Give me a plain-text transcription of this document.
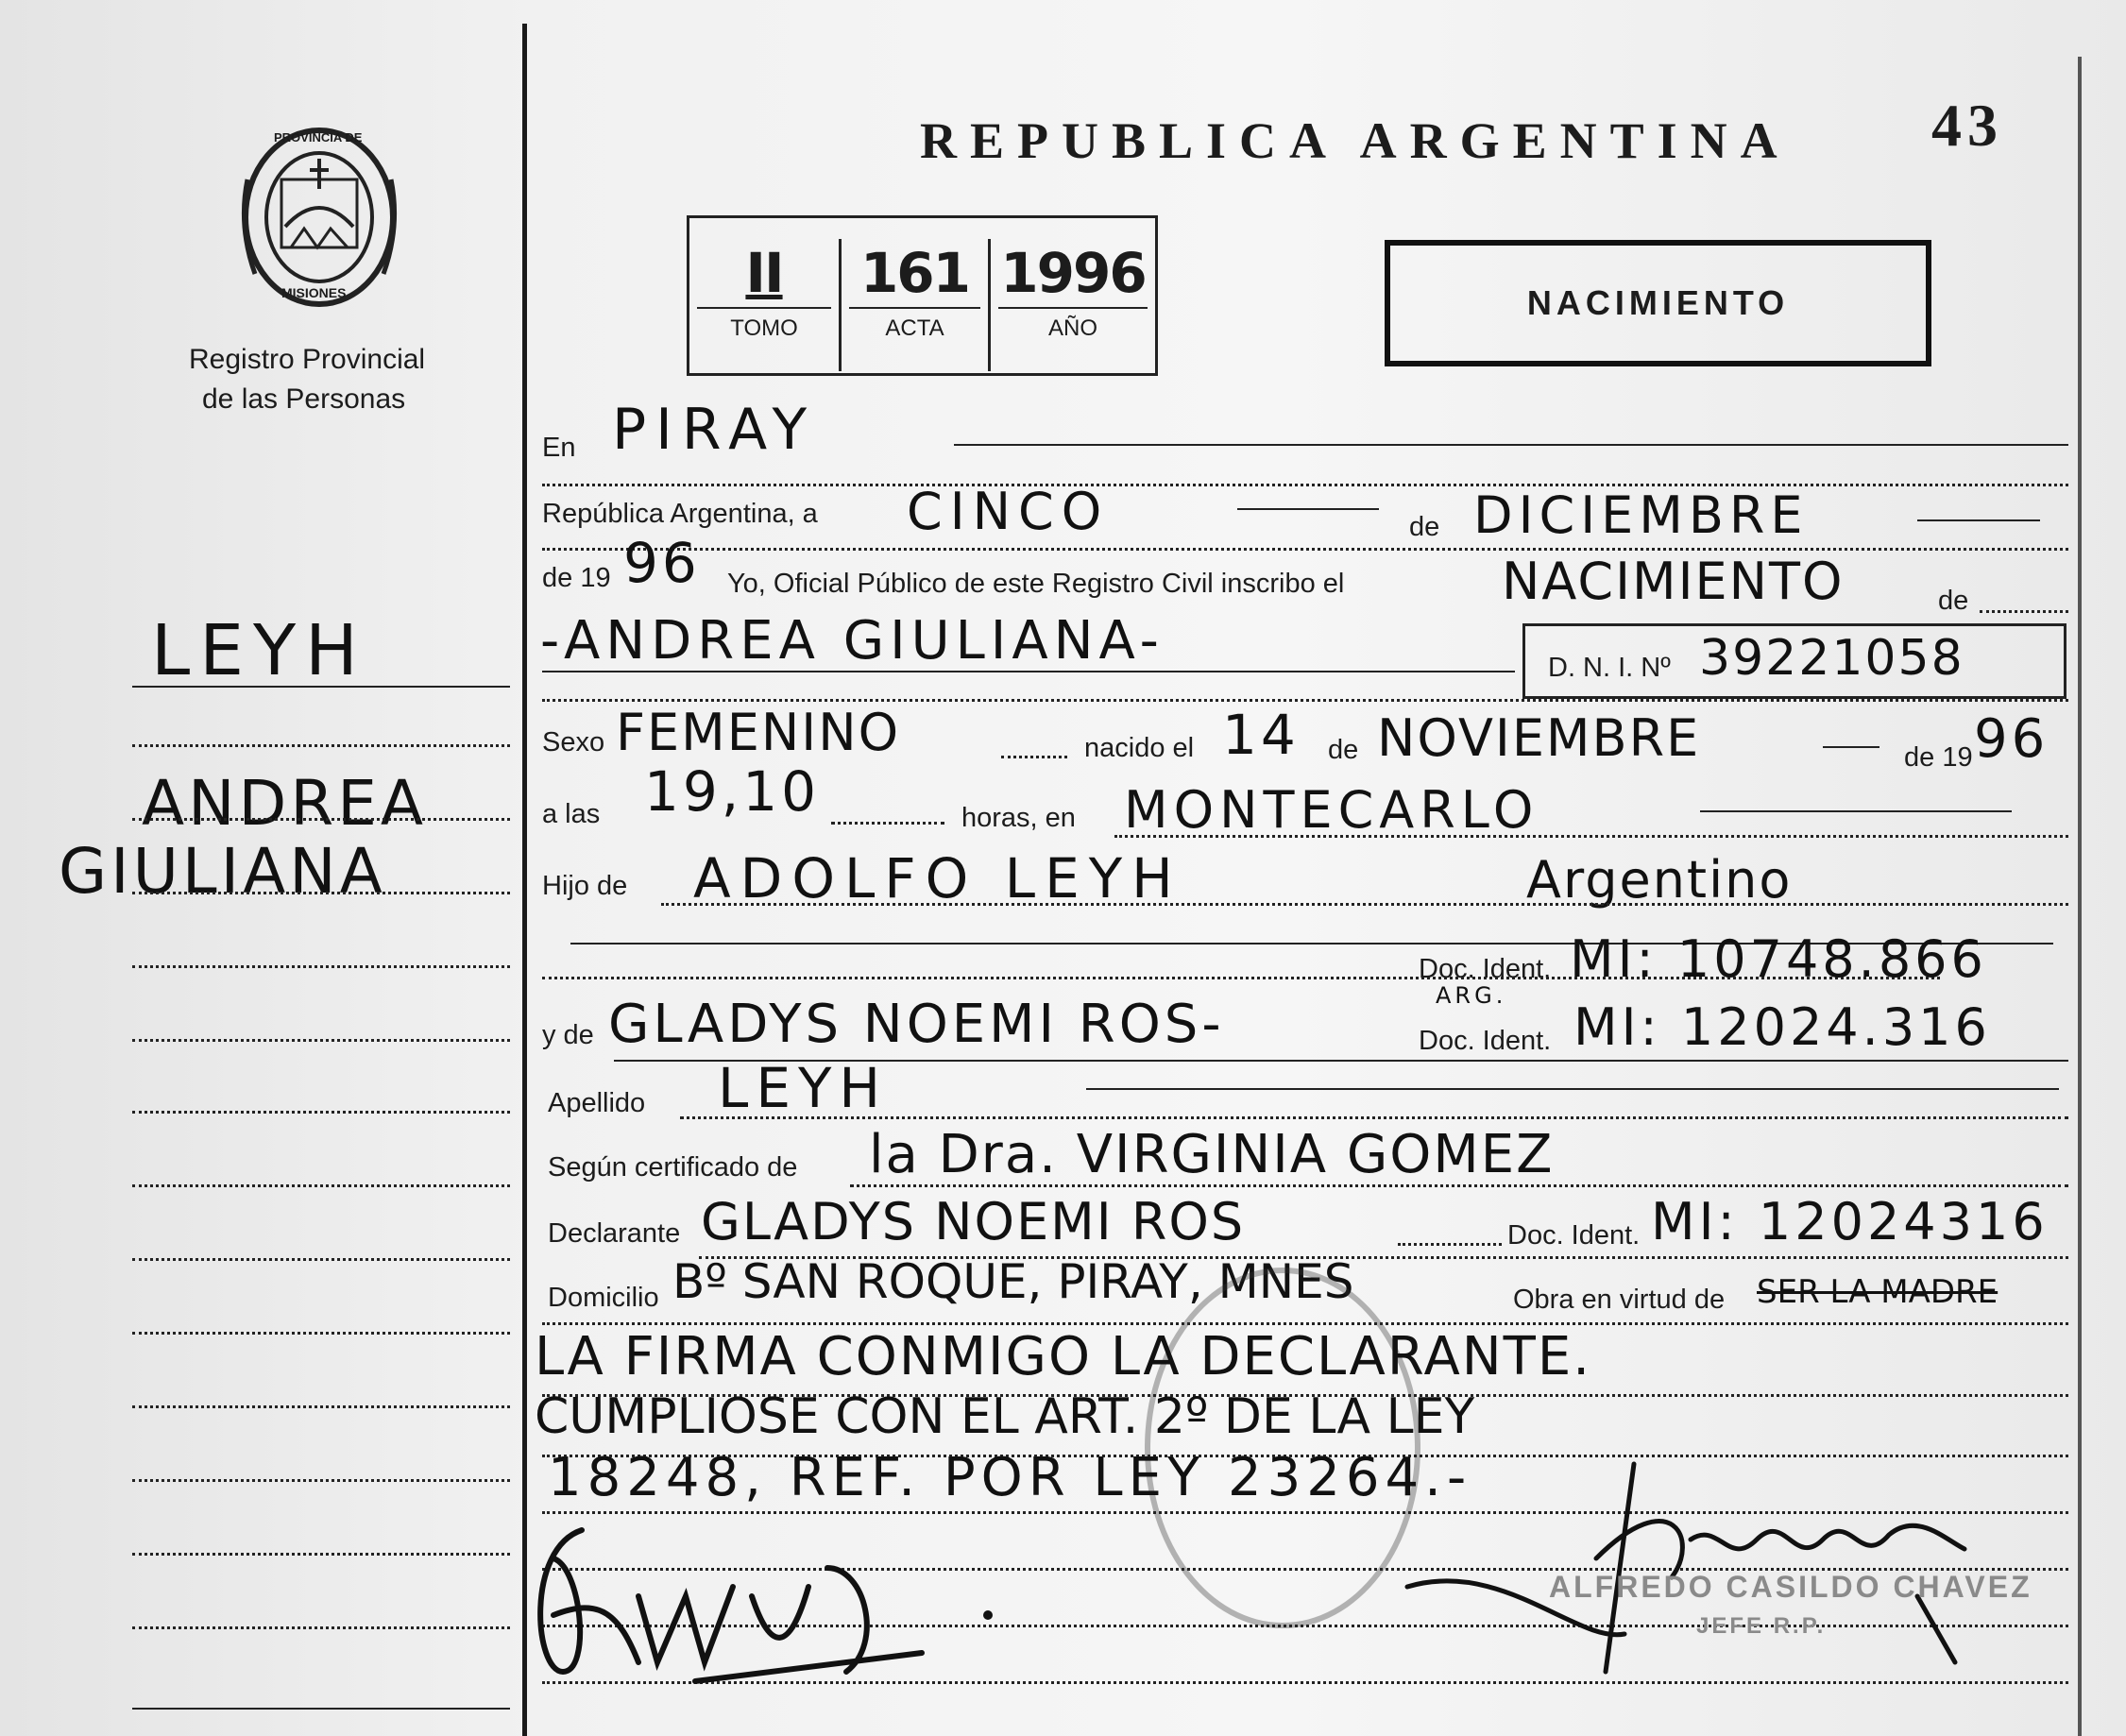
PROVINCIA DE
MISIONES
Registro Provincial
de las Personas
REPUBLICA ARGENTINA 43
II
TOMO
161
ACTA
1996
AÑO
NACIMIENTO
LEYH
ANDREA
GIULIANA
En PIRAY
República Argentina, a CINCO	de DICIEMBRE
de 19 96 Yo, Oficial Público de este Registro Civil inscribo el	NACIMIENTO	de
-ANDREA GIULIANA-	D. N. I. Nº 39221058
Sexo FEMENINO	nacido el 14 de NOVIEMBRE	de 19 96
a las 19,10	horas, en MONTECARLO
Hijo de ADOLFO LEYH	Argentino
Doc. Ident. MI: 10748.866
y de GLADYS NOEMI ROS-	ARG.
Doc. Ident. MI: 12024.316
Apellido LEYH
Según certificado de la Dra. VIRGINIA GOMEZ
Declarante GLADYS NOEMI ROS	Doc. Ident. MI: 12024316
Domicilio Bº SAN ROQUE, PIRAY, MNES	Obra en virtud de SER LA MADRE
LA FIRMA CONMIGO LA DECLARANTE.
CUMPLIOSE CON EL ART. 2º DE LA LEY
18248, REF. POR LEY 23264.-
ALFREDO CASILDO CHAVEZ
JEFE R.P.
